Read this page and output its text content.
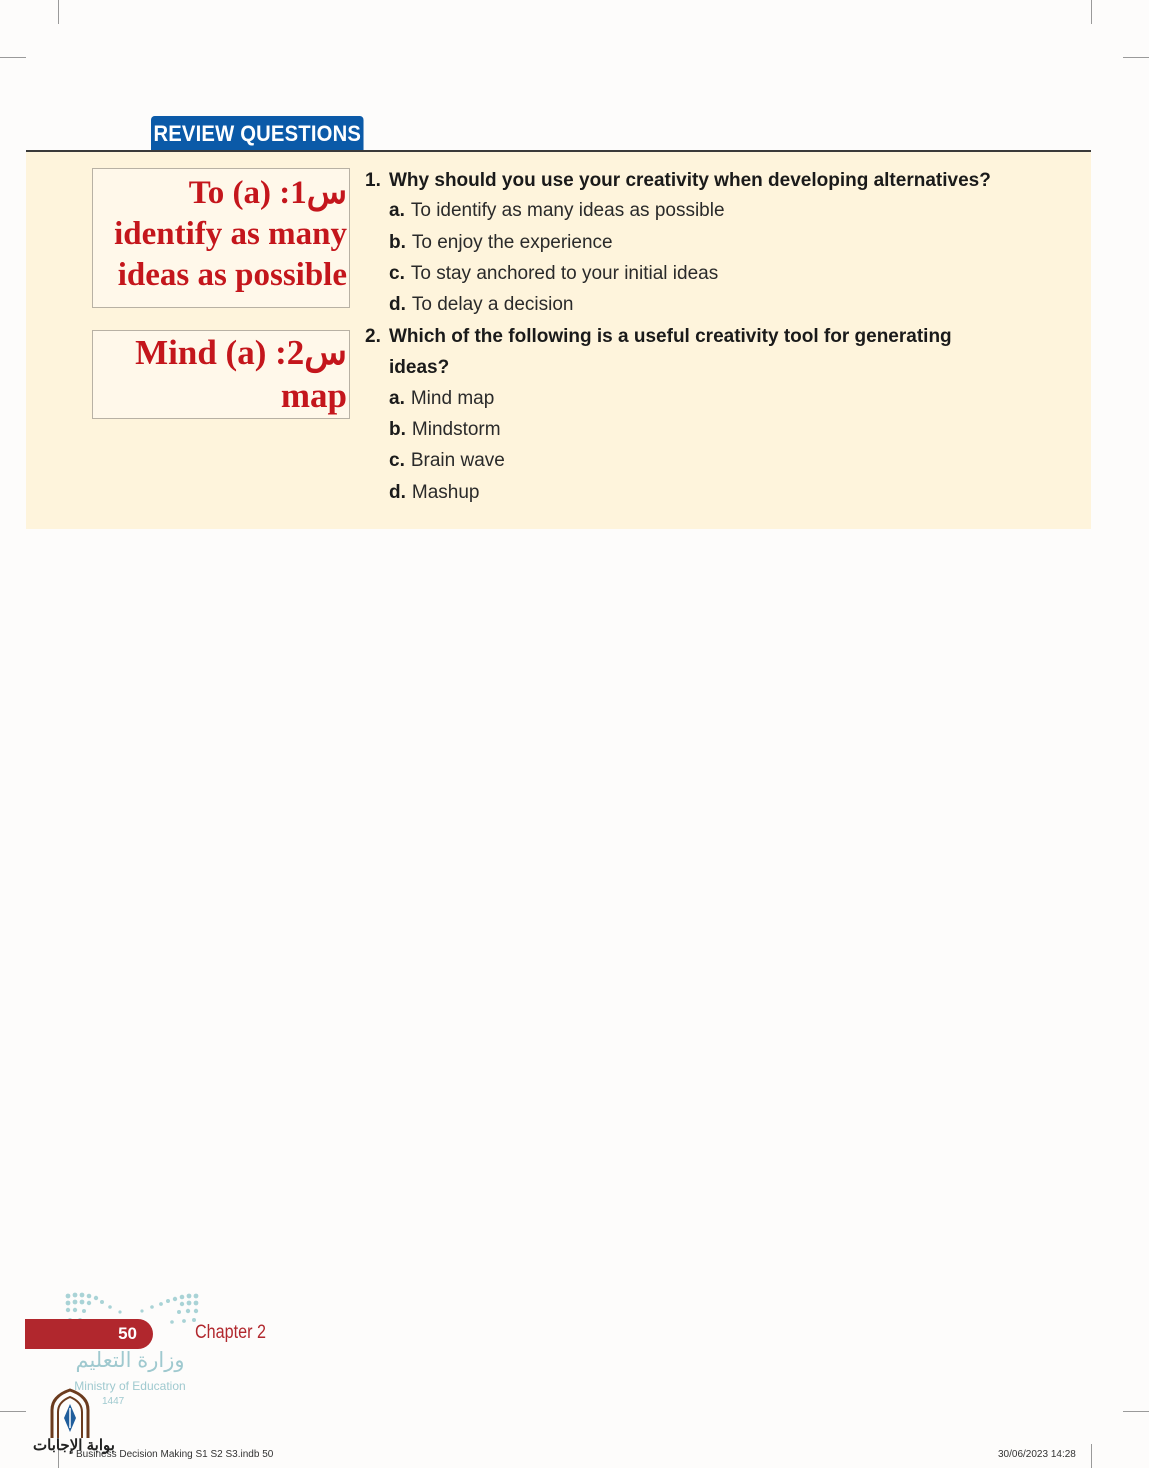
REVIEW QUESTIONS
To (a) :1س
identify as many
ideas as possible
Mind (a) :2س
map
1. Why should you use your creativity when developing alternatives?
a. To identify as many ideas as possible
b. To enjoy the experience
c. To stay anchored to your initial ideas
d. To delay a decision
2. Which of the following is a useful creativity tool for generating
ideas?
a. Mind map
b. Mindstorm
c. Brain wave
d. Mashup
50	Chapter 2
وزارة التعليم
Ministry of Education
1447
بوابة الإجابات
Business Decision Making S1 S2 S3.indb 50	30/06/2023 14:28
